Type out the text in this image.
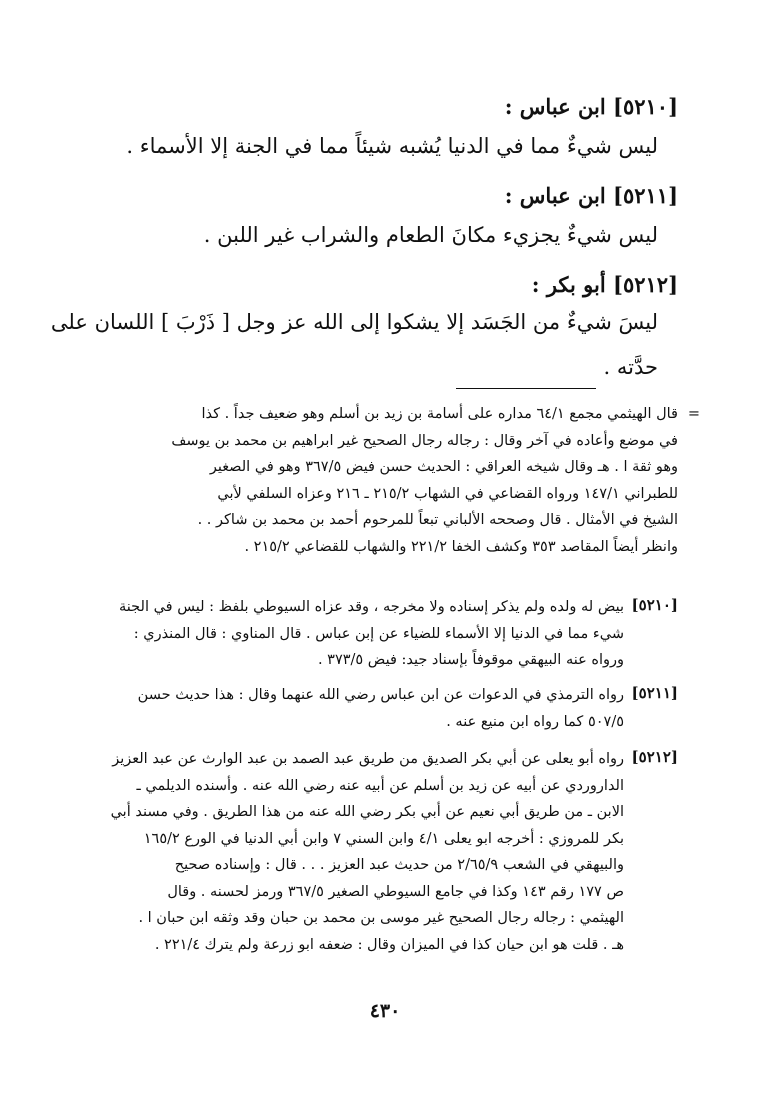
[٥٢١٠] ابن عباس :
ليس شيءٌ مما في الدنيا يُشبه شيئاً مما في الجنة إلا الأسماء .
[٥٢١١] ابن عباس :
ليس شيءٌ يجزيء مكانَ الطعام والشراب غير اللبن .
[٥٢١٢] أبو بكر :
ليسَ شيءٌ من الجَسَد إلا يشكوا إلى الله عز وجل [ ذَرْبَ ] اللسان على
حدَّته .
=
قال الهيثمي مجمع ٦٤/١ مداره على أسامة بن زيد بن أسلم وهو ضعيف جداً . كذا
في موضع وأعاده في آخر وقال : رجاله رجال الصحيح غير ابراهيم بن محمد بن يوسف
وهو ثقة ا . هـ وقال شيخه العراقي : الحديث حسن فيض ٣٦٧/٥ وهو في الصغير
للطبراني ١٤٧/١ ورواه القضاعي في الشهاب ٢١٥/٢ ـ ٢١٦ وعزاه السلفي لأبي
الشيخ في الأمثال . قال وصححه الألباني تبعاً للمرحوم أحمد بن محمد بن شاكر . .
وانظر أيضاً المقاصد ٣٥٣ وكشف الخفا ٢٢١/٢ والشهاب للقضاعي ٢١٥/٢ .
[٥٢١٠]
بيض له ولده ولم يذكر إسناده ولا مخرجه ، وقد عزاه السيوطي بلفظ : ليس في الجنة
شيء مما في الدنيا إلا الأسماء للضياء عن إبن عباس . قال المناوي : قال المنذري :
ورواه عنه البيهقي موقوفاً بإسناد جيد: فيض ٣٧٣/٥ .
[٥٢١١]
رواه الترمذي في الدعوات عن ابن عباس رضي الله عنهما وقال : هذا حديث حسن
٥٠٧/٥ كما رواه ابن منيع عنه .
[٥٢١٢]
رواه أبو يعلى عن أبي بكر الصديق من طريق عبد الصمد بن عبد الوارث عن عبد العزيز
الداروردي عن أبيه عن زيد بن أسلم عن أبيه عنه رضي الله عنه . وأسنده الديلمي ـ
الابن ـ من طريق أبي نعيم عن أبي بكر رضي الله عنه من هذا الطريق . وفي مسند أبي
بكر للمروزي : أخرجه ابو يعلى ٤/١ وابن السني ٧ وابن أبي الدنيا في الورع ١٦٥/٢
والبيهقي في الشعب ٢/٦٥/٩ من حديث عبد العزيز . . . قال : وإسناده صحيح
ص ١٧٧ رقم ١٤٣ وكذا في جامع السيوطي الصغير ٣٦٧/٥ ورمز لحسنه . وقال
الهيثمي : رجاله رجال الصحيح غير موسى بن محمد بن حبان وقد وثقه ابن حبان ا .
هـ . قلت هو ابن حيان كذا في الميزان وقال : ضعفه ابو زرعة ولم يترك ٢٢١/٤ .
٤٣٠
